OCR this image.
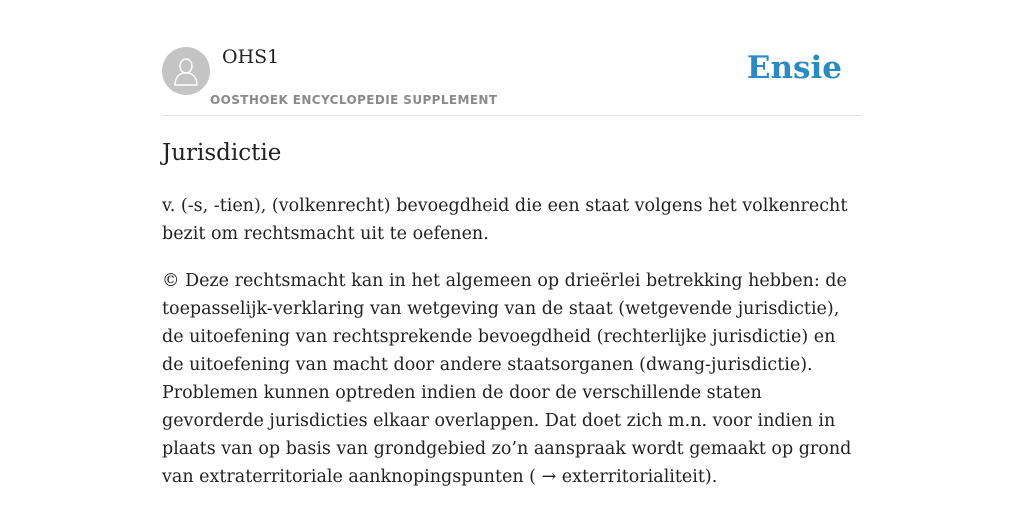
OHS1
OOSTHOEK ENCYCLOPEDIE SUPPLEMENT
Ensie
Jurisdictie

v. (-s, -tien), (volkenrecht) bevoegdheid die een staat volgens het volkenrecht bezit om rechtsmacht uit te oefenen.

© Deze rechtsmacht kan in het algemeen op drieërlei betrekking hebben: de toepasselijk-verklaring van wetgeving van de staat (wetgevende jurisdictie), de uitoefening van rechtsprekende bevoegdheid (rechterlijke jurisdictie) en de uitoefening van macht door andere staatsorganen (dwang-jurisdictie). Problemen kunnen optreden indien de door de verschillende staten gevorderde jurisdicties elkaar overlappen. Dat doet zich m.n. voor indien in plaats van op basis van grondgebied zo’n aanspraak wordt gemaakt op grond van extraterritoriale aanknopingspunten ( → exterritorialiteit).
